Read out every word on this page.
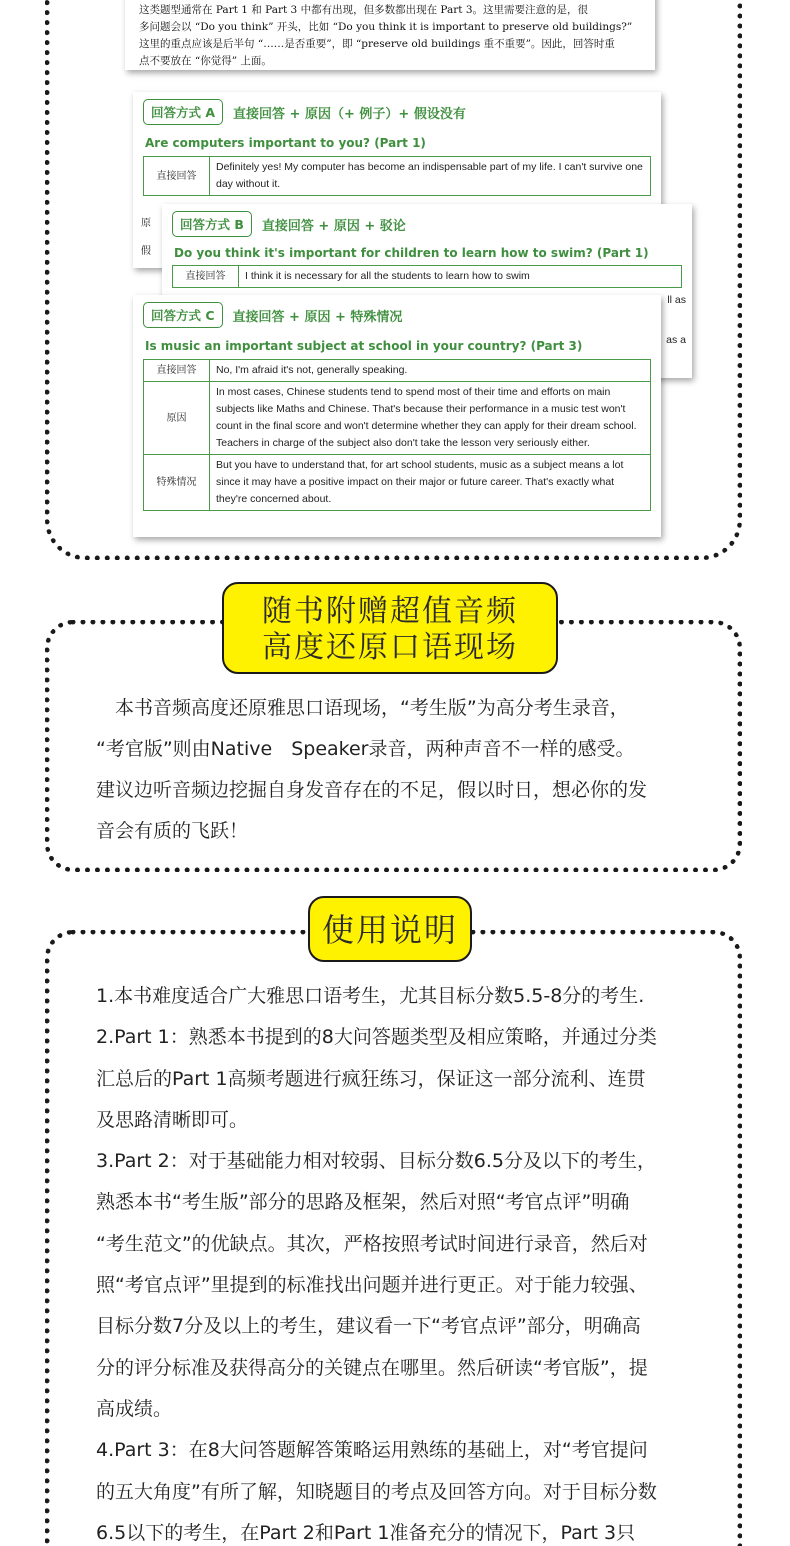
这类题型通常在 Part 1 和 Part 3 中都有出现，但多数都出现在 Part 3。这里需要注意的是，很

多问题会以 “Do you think” 开头，比如 “Do you think it is important to preserve old buildings?”

这里的重点应该是后半句 “……是否重要”，即 “preserve old buildings 重不重要”。因此，回答时重

点不要放在 “你觉得” 上面。

回答方式 A	直接回答 + 原因（+ 例子）+ 假设没有
Are computers important to you? (Part 1)
直接回答	Definitely yes! My computer has become an indispensable part of my life. I can't survive one day without it.
原
假
回答方式 B	直接回答 + 原因 + 驳论
Do you think it's important for children to learn how to swim? (Part 1)
直接回答	I think it is necessary for all the students to learn how to swim
ll as
as a
回答方式 C	直接回答 + 原因 + 特殊情况
Is music an important subject at school in your country? (Part 3)
直接回答	No, I'm afraid it's not, generally speaking.
原因	In most cases, Chinese students tend to spend most of their time and efforts on main subjects like Maths and Chinese. That's because their performance in a music test won't count in the final score and won't determine whether they can apply for their dream school. Teachers in charge of the subject also don't take the lesson very seriously either.
特殊情况	But you have to understand that, for art school students, music as a subject means a lot since it may have a positive impact on their major or future career. That's exactly what they're concerned about.
随书附赠超值音频
高度还原口语现场

　本书音频高度还原雅思口语现场，“考生版”为高分考生录音，

“考官版”则由Native　Speaker录音，两种声音不一样的感受。

建议边听音频边挖掘自身发音存在的不足，假以时日，想必你的发

音会有质的飞跃！

使用说明

1.本书难度适合广大雅思口语考生，尤其目标分数5.5-8分的考生.

2.Part 1：熟悉本书提到的8大问答题类型及相应策略，并通过分类

汇总后的Part 1高频考题进行疯狂练习，保证这一部分流利、连贯

及思路清晰即可。

3.Part 2：对于基础能力相对较弱、目标分数6.5分及以下的考生，

熟悉本书“考生版”部分的思路及框架，然后对照“考官点评”明确

“考生范文”的优缺点。其次，严格按照考试时间进行录音，然后对

照“考官点评”里提到的标准找出问题并进行更正。对于能力较强、

目标分数7分及以上的考生，建议看一下“考官点评”部分，明确高

分的评分标准及获得高分的关键点在哪里。然后研读“考官版”，提

高成绩。

4.Part 3：在8大问答题解答策略运用熟练的基础上，对“考官提问

的五大角度”有所了解，知晓题目的考点及回答方向。对于目标分数

6.5以下的考生，在Part 2和Part 1准备充分的情况下，Part 3只
